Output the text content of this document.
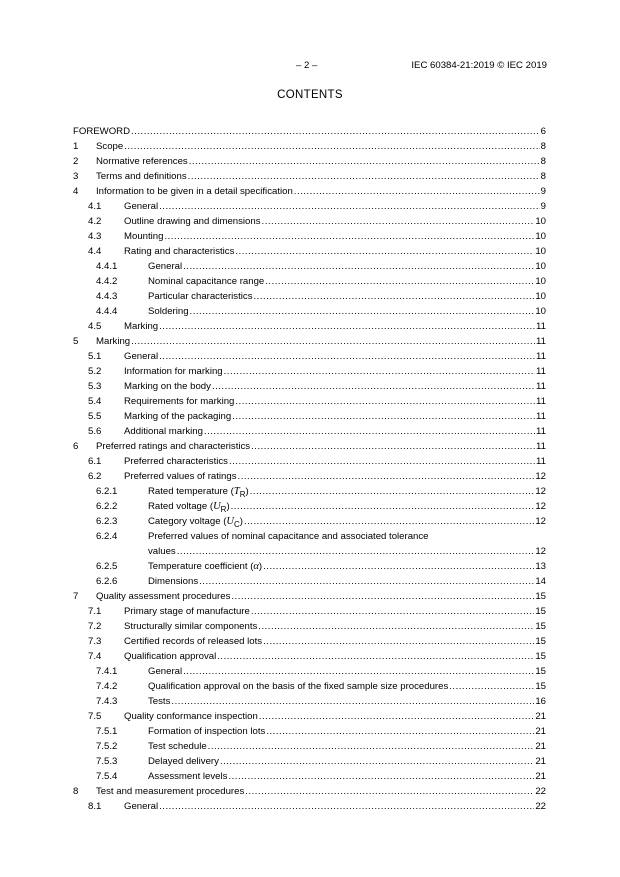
– 2 –	IEC 60384-21:2019 © IEC 2019
CONTENTS
FOREWORD .....	6
1 Scope .....	8
2 Normative references .....	8
3 Terms and definitions .....	8
4 Information to be given in a detail specification .....	9
4.1 General .....	9
4.2 Outline drawing and dimensions .....	10
4.3 Mounting .....	10
4.4 Rating and characteristics .....	10
4.4.1	General .....	10
4.4.2	Nominal capacitance range .....	10
4.4.3	Particular characteristics .....	10
4.4.4	Soldering .....	10
4.5 Marking .....	11
5 Marking .....	11
5.1 General .....	11
5.2 Information for marking .....	11
5.3 Marking on the body .....	11
5.4 Requirements for marking .....	11
5.5 Marking of the packaging .....	11
5.6 Additional marking .....	11
6 Preferred ratings and characteristics .....	11
6.1 Preferred characteristics .....	11
6.2 Preferred values of ratings .....	12
6.2.1	Rated temperature $(T_R)$ .....	12
6.2.2	Rated voltage $(U_R)$ .....	12
6.2.3	Category voltage $(U_C)$ .....	12
6.2.4	Preferred values of nominal capacitance and associated tolerance
values .....	12
6.2.5	Temperature coefficient (α) .....	13
6.2.6	Dimensions .....	14
7 Quality assessment procedures .....	15
7.1 Primary stage of manufacture .....	15
7.2 Structurally similar components .....	15
7.3 Certified records of released lots .....	15
7.4 Qualification approval .....	15
7.4.1	General .....	15
7.4.2	Qualification approval on the basis of the fixed sample size procedures .....	15
7.4.3	Tests .....	16
7.5 Quality conformance inspection .....	21
7.5.1	Formation of inspection lots .....	21
7.5.2	Test schedule .....	21
7.5.3	Delayed delivery .....	21
7.5.4	Assessment levels .....	21
8 Test and measurement procedures .....	22
8.1 General .....	22
